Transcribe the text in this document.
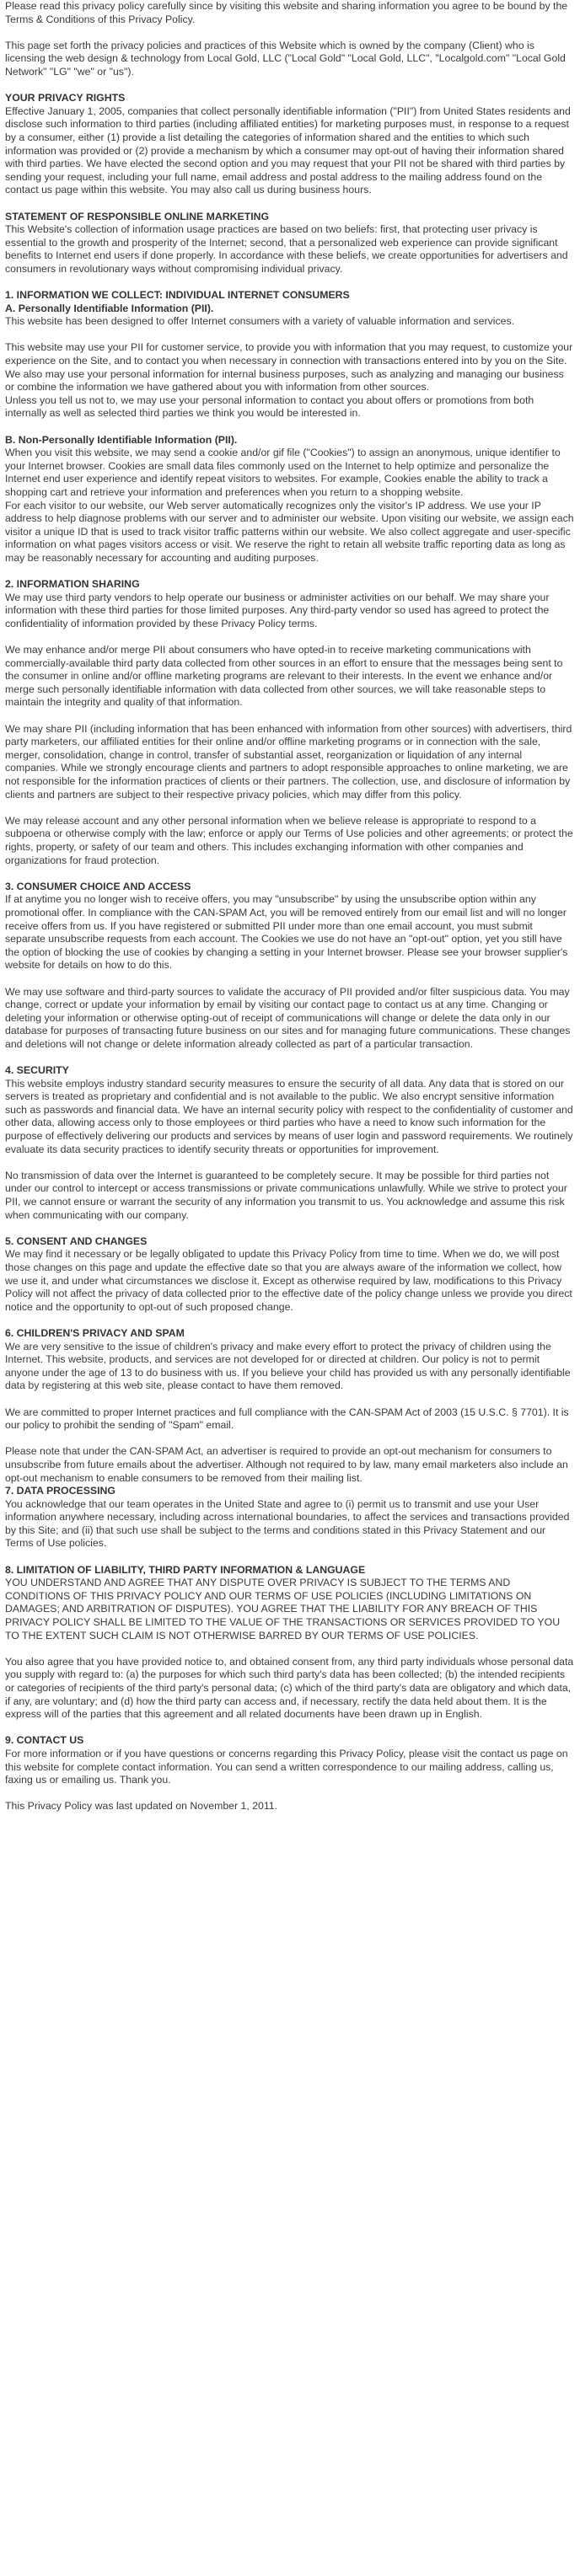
Please read this privacy policy carefully since by visiting this website and sharing information you agree to be bound by the Terms & Conditions of this Privacy Policy.

This page set forth the privacy policies and practices of this Website which is owned by the company (Client) who is licensing the web design & technology from Local Gold, LLC ("Local Gold" "Local Gold, LLC", "Localgold.com" "Local Gold Network" "LG" "we" or "us").

YOUR PRIVACY RIGHTS

Effective January 1, 2005, companies that collect personally identifiable information ("PII") from United States residents and disclose such information to third parties (including affiliated entities) for marketing purposes must, in response to a request by a consumer, either (1) provide a list detailing the categories of information shared and the entities to which such information was provided or (2) provide a mechanism by which a consumer may opt-out of having their information shared with third parties. We have elected the second option and you may request that your PII not be shared with third parties by sending your request, including your full name, email address and postal address to the mailing address found on the contact us page within this website. You may also call us during business hours.

STATEMENT OF RESPONSIBLE ONLINE MARKETING

This Website's collection of information usage practices are based on two beliefs: first, that protecting user privacy is essential to the growth and prosperity of the Internet; second, that a personalized web experience can provide significant benefits to Internet end users if done properly. In accordance with these beliefs, we create opportunities for advertisers and consumers in revolutionary ways without compromising individual privacy.

1. INFORMATION WE COLLECT: INDIVIDUAL INTERNET CONSUMERS

A. Personally Identifiable Information (PII).

This website has been designed to offer Internet consumers with a variety of valuable information and services.

This website may use your PII for customer service, to provide you with information that you may request, to customize your experience on the Site, and to contact you when necessary in connection with transactions entered into by you on the Site. We also may use your personal information for internal business purposes, such as analyzing and managing our business or combine the information we have gathered about you with information from other sources.

Unless you tell us not to, we may use your personal information to contact you about offers or promotions from both internally as well as selected third parties we think you would be interested in.

B. Non-Personally Identifiable Information (PII).

When you visit this website, we may send a cookie and/or gif file ("Cookies") to assign an anonymous, unique identifier to your Internet browser. Cookies are small data files commonly used on the Internet to help optimize and personalize the Internet end user experience and identify repeat visitors to websites. For example, Cookies enable the ability to track a shopping cart and retrieve your information and preferences when you return to a shopping website.

For each visitor to our website, our Web server automatically recognizes only the visitor's IP address. We use your IP address to help diagnose problems with our server and to administer our website. Upon visiting our website, we assign each visitor a unique ID that is used to track visitor traffic patterns within our website. We also collect aggregate and user-specific information on what pages visitors access or visit. We reserve the right to retain all website traffic reporting data as long as may be reasonably necessary for accounting and auditing purposes.

2. INFORMATION SHARING

We may use third party vendors to help operate our business or administer activities on our behalf. We may share your information with these third parties for those limited purposes. Any third-party vendor so used has agreed to protect the confidentiality of information provided by these Privacy Policy terms.

We may enhance and/or merge PII about consumers who have opted-in to receive marketing communications with commercially-available third party data collected from other sources in an effort to ensure that the messages being sent to the consumer in online and/or offline marketing programs are relevant to their interests. In the event we enhance and/or merge such personally identifiable information with data collected from other sources, we will take reasonable steps to maintain the integrity and quality of that information.

We may share PII (including information that has been enhanced with information from other sources) with advertisers, third party marketers, our affiliated entities for their online and/or offline marketing programs or in connection with the sale, merger, consolidation, change in control, transfer of substantial asset, reorganization or liquidation of any internal companies. While we strongly encourage clients and partners to adopt responsible approaches to online marketing, we are not responsible for the information practices of clients or their partners. The collection, use, and disclosure of information by clients and partners are subject to their respective privacy policies, which may differ from this policy.

We may release account and any other personal information when we believe release is appropriate to respond to a subpoena or otherwise comply with the law; enforce or apply our Terms of Use policies and other agreements; or protect the rights, property, or safety of our team and others. This includes exchanging information with other companies and organizations for fraud protection.

3. CONSUMER CHOICE AND ACCESS

If at anytime you no longer wish to receive offers, you may "unsubscribe" by using the unsubscribe option within any promotional offer. In compliance with the CAN-SPAM Act, you will be removed entirely from our email list and will no longer receive offers from us. If you have registered or submitted PII under more than one email account, you must submit separate unsubscribe requests from each account. The Cookies we use do not have an "opt-out" option, yet you still have the option of blocking the use of cookies by changing a setting in your Internet browser. Please see your browser supplier's website for details on how to do this.

We may use software and third-party sources to validate the accuracy of PII provided and/or filter suspicious data. You may change, correct or update your information by email by visiting our contact page to contact us at any time. Changing or deleting your information or otherwise opting-out of receipt of communications will change or delete the data only in our database for purposes of transacting future business on our sites and for managing future communications. These changes and deletions will not change or delete information already collected as part of a particular transaction.

4. SECURITY

This website employs industry standard security measures to ensure the security of all data. Any data that is stored on our servers is treated as proprietary and confidential and is not available to the public. We also encrypt sensitive information such as passwords and financial data. We have an internal security policy with respect to the confidentiality of customer and other data, allowing access only to those employees or third parties who have a need to know such information for the purpose of effectively delivering our products and services by means of user login and password requirements. We routinely evaluate its data security practices to identify security threats or opportunities for improvement.

No transmission of data over the Internet is guaranteed to be completely secure. It may be possible for third parties not under our control to intercept or access transmissions or private communications unlawfully. While we strive to protect your PII, we cannot ensure or warrant the security of any information you transmit to us. You acknowledge and assume this risk when communicating with our company.

5. CONSENT AND CHANGES

We may find it necessary or be legally obligated to update this Privacy Policy from time to time. When we do, we will post those changes on this page and update the effective date so that you are always aware of the information we collect, how we use it, and under what circumstances we disclose it. Except as otherwise required by law, modifications to this Privacy Policy will not affect the privacy of data collected prior to the effective date of the policy change unless we provide you direct notice and the opportunity to opt-out of such proposed change.

6. CHILDREN'S PRIVACY AND SPAM

We are very sensitive to the issue of children's privacy and make every effort to protect the privacy of children using the Internet. This website, products, and services are not developed for or directed at children. Our policy is not to permit anyone under the age of 13 to do business with us. If you believe your child has provided us with any personally identifiable data by registering at this web site, please contact to have them removed.

We are committed to proper Internet practices and full compliance with the CAN-SPAM Act of 2003 (15 U.S.C. § 7701). It is our policy to prohibit the sending of "Spam" email.

Please note that under the CAN-SPAM Act, an advertiser is required to provide an opt-out mechanism for consumers to unsubscribe from future emails about the advertiser. Although not required to by law, many email marketers also include an opt-out mechanism to enable consumers to be removed from their mailing list.

7. DATA PROCESSING

You acknowledge that our team operates in the United State and agree to (i) permit us to transmit and use your User information anywhere necessary, including across international boundaries, to affect the services and transactions provided by this Site; and (ii) that such use shall be subject to the terms and conditions stated in this Privacy Statement and our Terms of Use policies.

8. LIMITATION OF LIABILITY, THIRD PARTY INFORMATION & LANGUAGE

YOU UNDERSTAND AND AGREE THAT ANY DISPUTE OVER PRIVACY IS SUBJECT TO THE TERMS AND CONDITIONS OF THIS PRIVACY POLICY AND OUR TERMS OF USE POLICIES (INCLUDING LIMITATIONS ON DAMAGES; AND ARBITRATION OF DISPUTES). YOU AGREE THAT THE LIABILITY FOR ANY BREACH OF THIS PRIVACY POLICY SHALL BE LIMITED TO THE VALUE OF THE TRANSACTIONS OR SERVICES PROVIDED TO YOU TO THE EXTENT SUCH CLAIM IS NOT OTHERWISE BARRED BY OUR TERMS OF USE POLICIES.

You also agree that you have provided notice to, and obtained consent from, any third party individuals whose personal data you supply with regard to: (a) the purposes for which such third party's data has been collected; (b) the intended recipients or categories of recipients of the third party's personal data; (c) which of the third party's data are obligatory and which data, if any, are voluntary; and (d) how the third party can access and, if necessary, rectify the data held about them. It is the express will of the parties that this agreement and all related documents have been drawn up in English.

9. CONTACT US

For more information or if you have questions or concerns regarding this Privacy Policy, please visit the contact us page on this website for complete contact information. You can send a written correspondence to our mailing address, calling us, faxing us or emailing us. Thank you.

This Privacy Policy was last updated on November 1, 2011.
